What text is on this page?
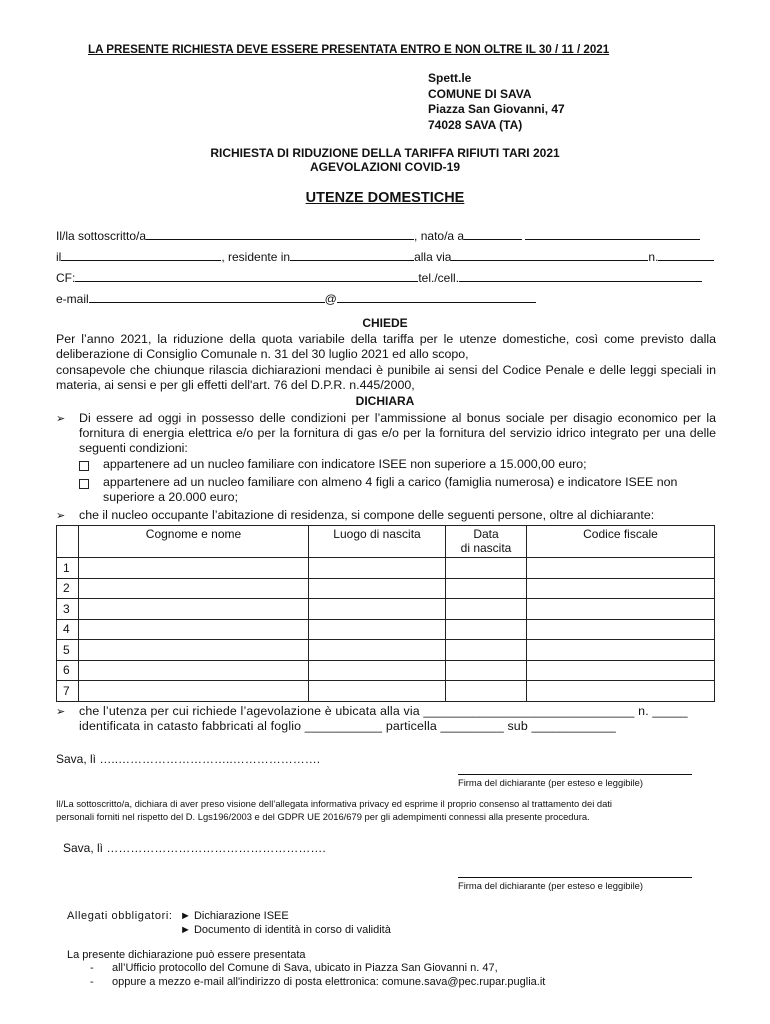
LA PRESENTE RICHIESTA DEVE ESSERE PRESENTATA ENTRO E NON OLTRE IL 30 / 11 / 2021
Spett.le
COMUNE DI SAVA
Piazza San Giovanni, 47
74028 SAVA (TA)
RICHIESTA DI RIDUZIONE DELLA TARIFFA RIFIUTI TARI 2021
AGEVOLAZIONI COVID-19
UTENZE DOMESTICHE
Il/la sottoscritto/a	, nato/a a
il	, residente in	alla via	n.
CF:	tel./cell.
e-mail	@
CHIEDE
Per l’anno 2021, la riduzione della quota variabile della tariffa per le utenze domestiche, così come previsto dalla deliberazione di Consiglio Comunale n. 31 del 30 luglio 2021 ed allo scopo,
consapevole che chiunque rilascia dichiarazioni mendaci è punibile ai sensi del Codice Penale e delle leggi speciali in materia, ai sensi e per gli effetti dell'art. 76 del D.P.R. n.445/2000,
DICHIARA
➢ Di essere ad oggi in possesso delle condizioni per l’ammissione al bonus sociale per disagio economico per la fornitura di energia elettrica e/o per la fornitura di gas e/o per la fornitura del servizio idrico integrato per una delle seguenti condizioni:
appartenere ad un nucleo familiare con indicatore ISEE non superiore a 15.000,00 euro;
appartenere ad un nucleo familiare con almeno 4 figli a carico (famiglia numerosa) e indicatore ISEE non
superiore a 20.000 euro;
➢ che il nucleo occupante l’abitazione di residenza, si compone delle seguenti persone, oltre al dichiarante:
	Cognome e nome	Luogo di nascita	Data
di nascita	Codice fiscale
1				
2				
3				
4				
5				
6				
7				
➢ che l’utenza per cui richiede l’agevolazione è ubicata alla via ______________________________ n. _____
identificata in catasto fabbricati al foglio ___________ particella _________ sub ____________
Sava, lì …..………………………..………………….
Firma del dichiarante (per esteso e leggibile)
Il/La sottoscritto/a, dichiara di aver preso visione dell’allegata informativa privacy ed esprime il proprio consenso al trattamento dei dati
personali forniti nel rispetto del D. Lgs196/2003 e del GDPR UE 2016/679 per gli adempimenti connessi alla presente procedura.
Sava, lì ……………………………………………….
Firma del dichiarante (per esteso e leggibile)
Allegati obbligatori: ► Dichiarazione ISEE
► Documento di identità in corso di validità
La presente dichiarazione può essere presentata
- all’Ufficio protocollo del Comune di Sava, ubicato in Piazza San Giovanni n. 47,
- oppure a mezzo e-mail all'indirizzo di posta elettronica: comune.sava@pec.rupar.puglia.it
